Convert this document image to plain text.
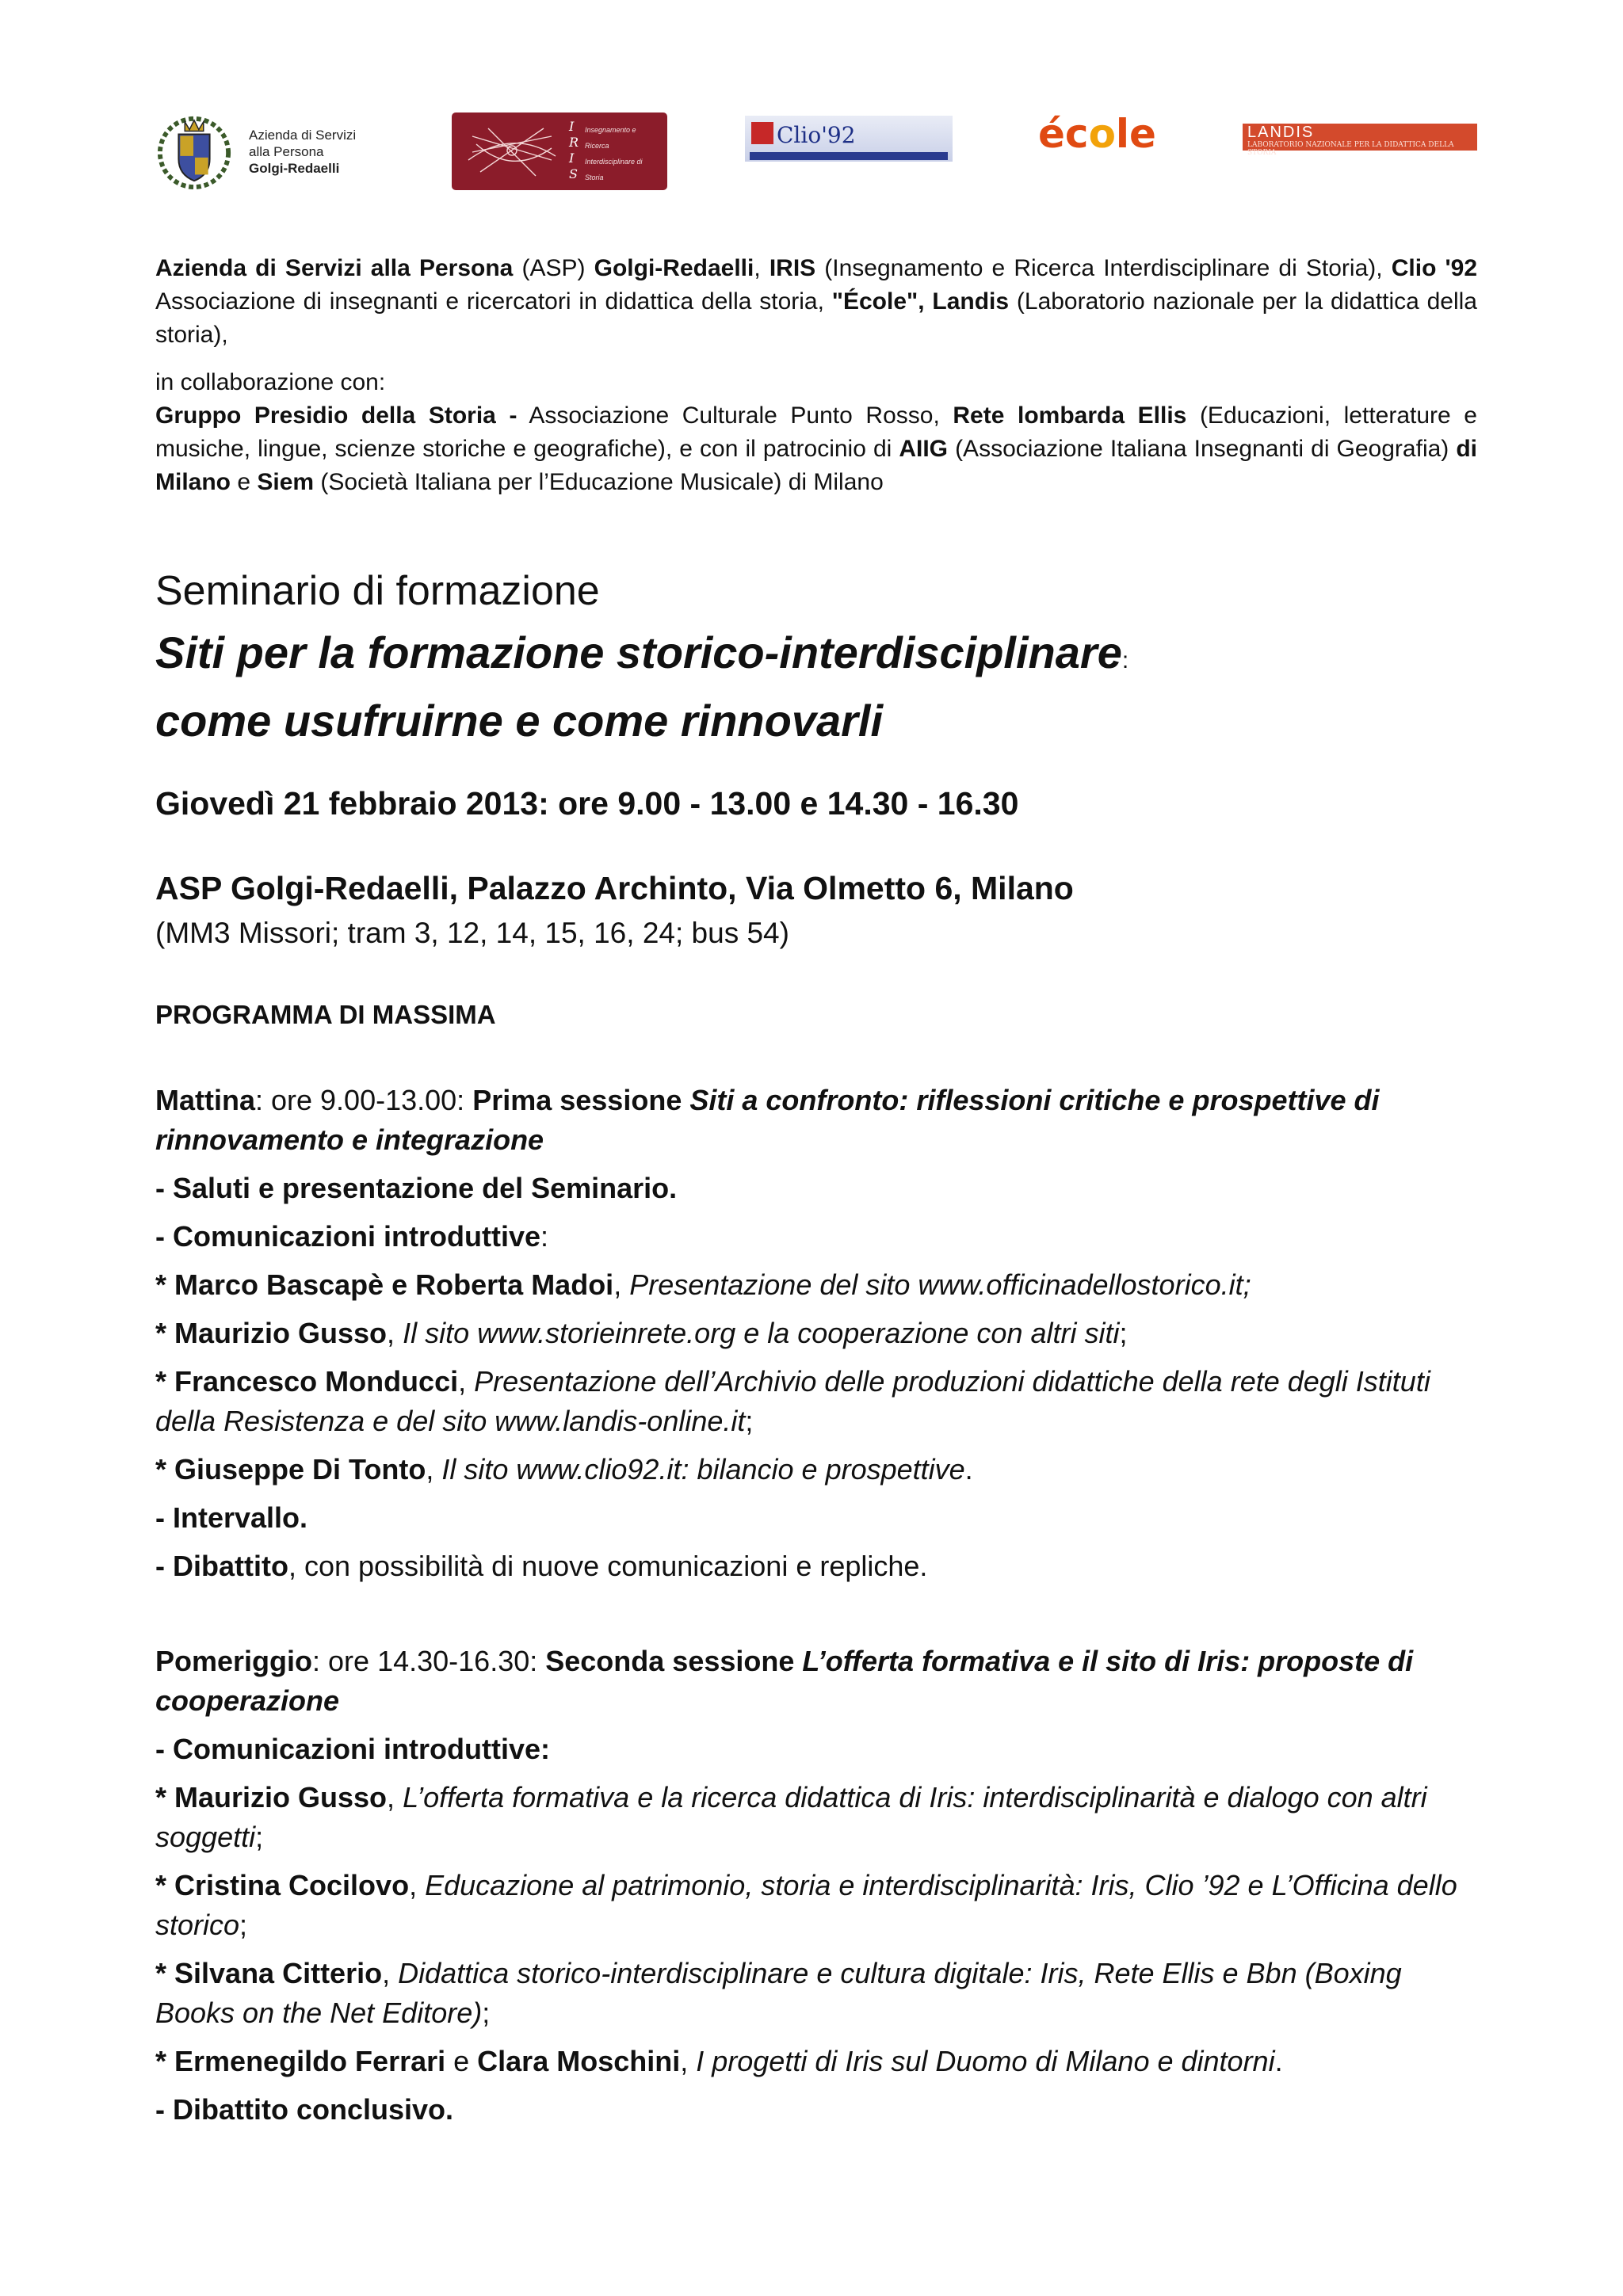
Azienda di Servizi
alla Persona
Golgi-Redaelli
I
R
I
S
Insegnamento e
Ricerca
Interdisciplinare di
Storia
Clio'92	école	LANDIS
LABORATORIO NAZIONALE PER LA DIDATTICA DELLA STORIA
Azienda di Servizi alla Persona (ASP) Golgi-Redaelli, IRIS (Insegnamento e Ricerca Interdisciplinare di Storia), Clio '92 Associazione di insegnanti e ricercatori in didattica della storia, "École", Landis (Laboratorio nazionale per la didattica della storia),
in collaborazione con:
Gruppo Presidio della Storia - Associazione Culturale Punto Rosso, Rete lombarda Ellis (Educazioni, letterature e musiche, lingue, scienze storiche e geografiche), e con il patrocinio di AIIG (Associazione Italiana Insegnanti di Geografia) di Milano e Siem (Società Italiana per l’Educazione Musicale) di Milano
Seminario di formazione
Siti per la formazione storico-interdisciplinare:
come usufruirne e come rinnovarli
Giovedì 21 febbraio 2013: ore 9.00 - 13.00 e 14.30 - 16.30
ASP Golgi-Redaelli, Palazzo Archinto, Via Olmetto 6, Milano
(MM3 Missori; tram 3, 12, 14, 15, 16, 24; bus 54)
PROGRAMMA DI MASSIMA
Mattina: ore 9.00-13.00: Prima sessione Siti a confronto: riflessioni critiche e prospettive di rinnovamento e integrazione
- Saluti e presentazione del Seminario.
- Comunicazioni introduttive:
* Marco Bascapè e Roberta Madoi, Presentazione del sito www.officinadellostorico.it;
* Maurizio Gusso, Il sito www.storieinrete.org e la cooperazione con altri siti;
* Francesco Monducci, Presentazione dell’Archivio delle produzioni didattiche della rete degli Istituti della Resistenza e del sito www.landis-online.it;
* Giuseppe Di Tonto, Il sito www.clio92.it: bilancio e prospettive.
- Intervallo.
- Dibattito, con possibilità di nuove comunicazioni e repliche.
Pomeriggio: ore 14.30-16.30: Seconda sessione L’offerta formativa e il sito di Iris: proposte di cooperazione
- Comunicazioni introduttive:
* Maurizio Gusso, L’offerta formativa e la ricerca didattica di Iris: interdisciplinarità e dialogo con altri soggetti;
* Cristina Cocilovo, Educazione al patrimonio, storia e interdisciplinarità: Iris, Clio ’92 e L’Officina dello storico;
* Silvana Citterio, Didattica storico-interdisciplinare e cultura digitale: Iris, Rete Ellis e Bbn (Boxing Books on the Net Editore);
* Ermenegildo Ferrari e Clara Moschini, I progetti di Iris sul Duomo di Milano e dintorni.
- Dibattito conclusivo.
